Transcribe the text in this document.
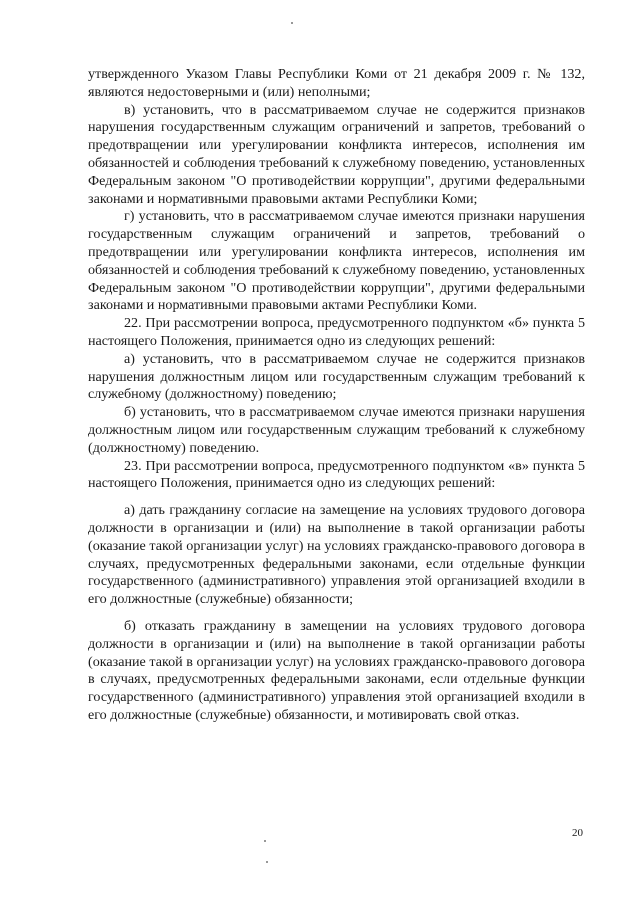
утвержденного Указом Главы Республики Коми от 21 декабря 2009 г. № 132, являются недостоверными и (или) неполными;

в) установить, что в рассматриваемом случае не содержится признаков нарушения государственным служащим ограничений и запретов, требований о предотвращении или урегулировании конфликта интересов, исполнения им обязанностей и соблюдения требований к служебному поведению, установленных Федеральным законом "О противодействии коррупции", другими федеральными законами и нормативными правовыми актами Республики Коми;

г) установить, что в рассматриваемом случае имеются признаки нарушения государственным служащим ограничений и запретов, требований о предотвращении или урегулировании конфликта интересов, исполнения им обязанностей и соблюдения требований к служебному поведению, установленных Федеральным законом "О противодействии коррупции", другими федеральными законами и нормативными правовыми актами Республики Коми.

22. При рассмотрении вопроса, предусмотренного подпунктом «б» пункта 5 настоящего Положения, принимается одно из следующих решений:

а) установить, что в рассматриваемом случае не содержится признаков нарушения должностным лицом или государственным служащим требований к служебному (должностному) поведению;

б) установить, что в рассматриваемом случае имеются признаки нарушения должностным лицом или государственным служащим требований к служебному (должностному) поведению.

23. При рассмотрении вопроса, предусмотренного подпунктом «в» пункта 5 настоящего Положения, принимается одно из следующих решений:

а) дать гражданину согласие на замещение на условиях трудового договора должности в организации и (или) на выполнение в такой организации работы (оказание такой организации услуг) на условиях гражданско-правового договора в случаях, предусмотренных федеральными законами, если отдельные функции государственного (административного) управления этой организацией входили в его должностные (служебные) обязанности;

б) отказать гражданину в замещении на условиях трудового договора должности в организации и (или) на выполнение в такой организации работы (оказание такой в организации услуг) на условиях гражданско-правового договора в случаях, предусмотренных федеральными законами, если отдельные функции государственного (административного) управления этой организацией входили в его должностные (служебные) обязанности, и мотивировать свой отказ.

20
